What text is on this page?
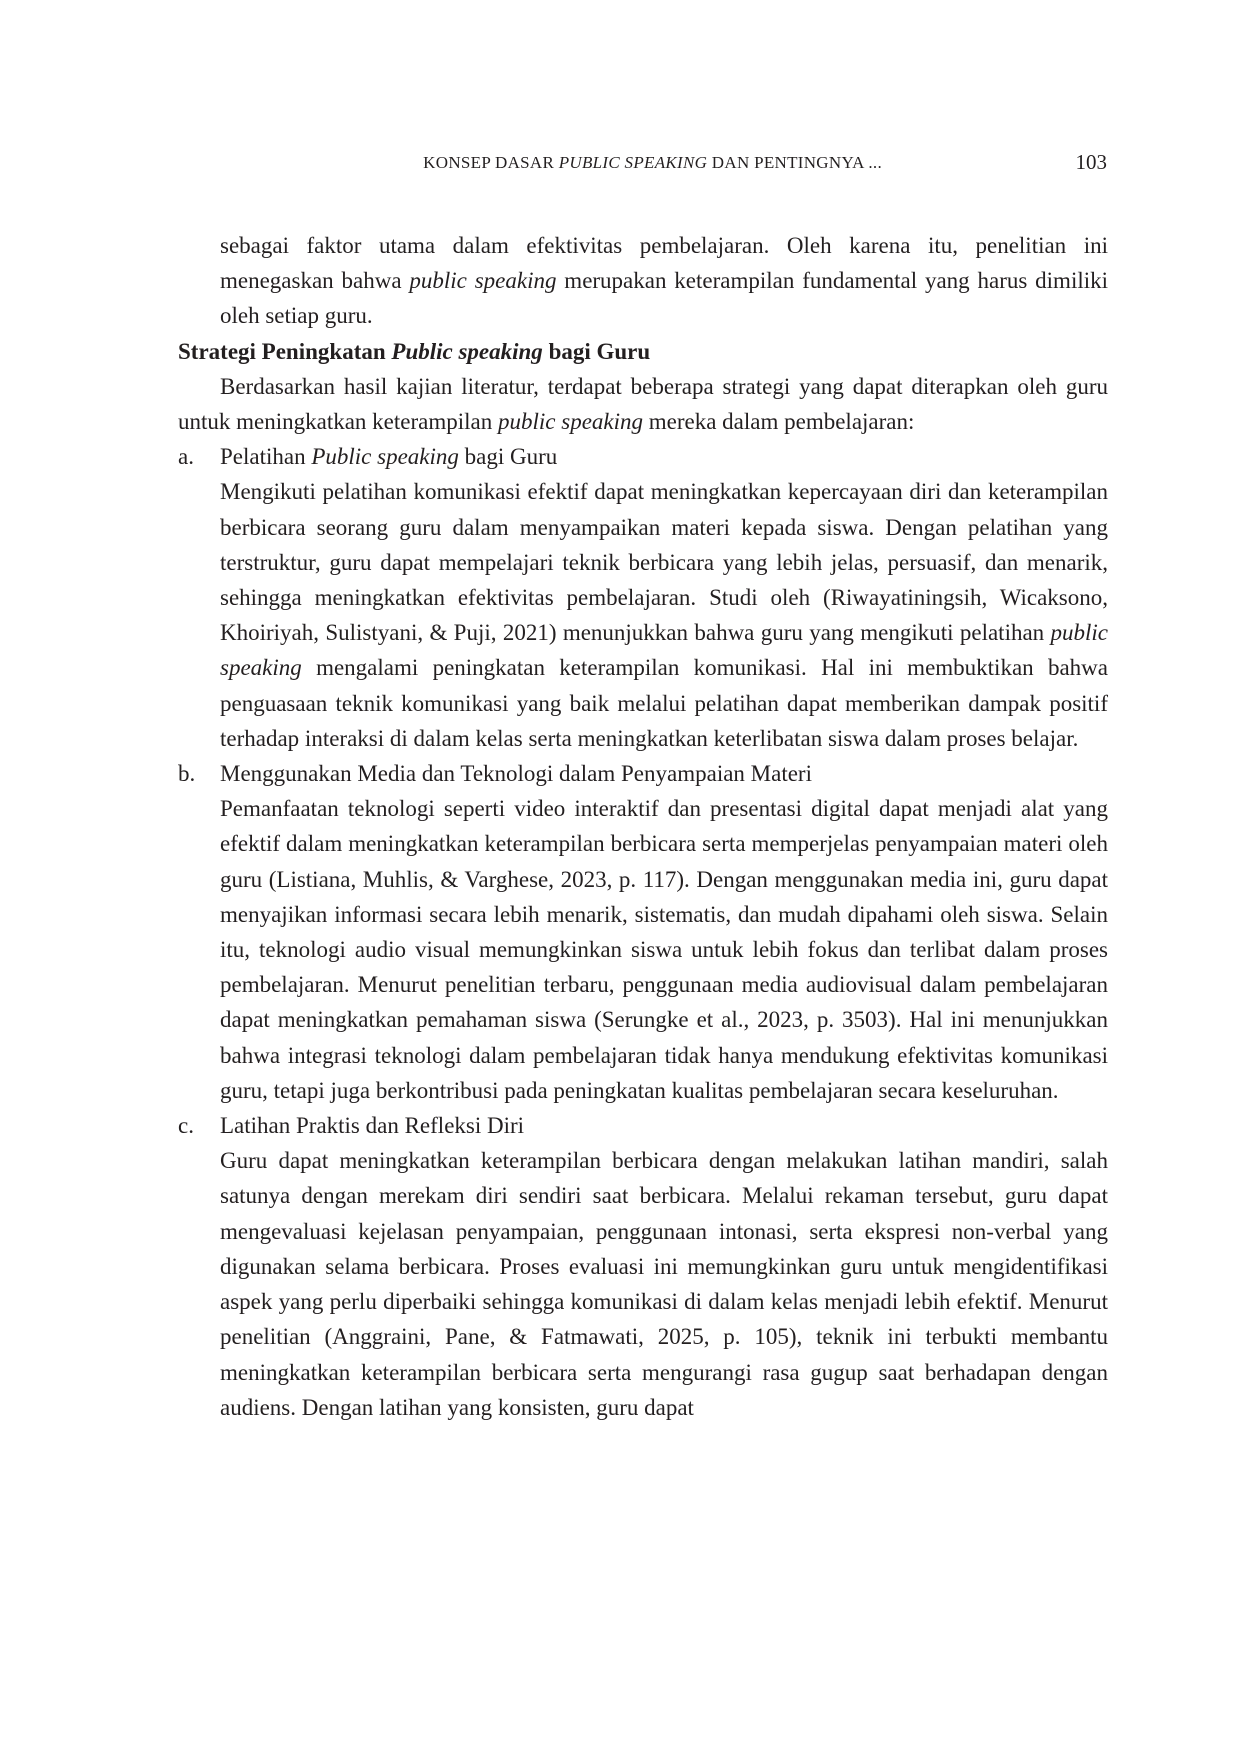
KONSEP DASAR PUBLIC SPEAKING DAN PENTINGNYA ...	103

sebagai faktor utama dalam efektivitas pembelajaran. Oleh karena itu, penelitian ini menegaskan bahwa public speaking merupakan keterampilan fundamental yang harus dimiliki oleh setiap guru.

Strategi Peningkatan Public speaking bagi Guru

Berdasarkan hasil kajian literatur, terdapat beberapa strategi yang dapat diterapkan oleh guru untuk meningkatkan keterampilan public speaking mereka dalam pembelajaran:

a. Pelatihan Public speaking bagi Guru

Mengikuti pelatihan komunikasi efektif dapat meningkatkan kepercayaan diri dan keterampilan berbicara seorang guru dalam menyampaikan materi kepada siswa. Dengan pelatihan yang terstruktur, guru dapat mempelajari teknik berbicara yang lebih jelas, persuasif, dan menarik, sehingga meningkatkan efektivitas pembelajaran. Studi oleh (Riwayatiningsih, Wicaksono, Khoiriyah, Sulistyani, & Puji, 2021) menunjukkan bahwa guru yang mengikuti pelatihan public speaking mengalami peningkatan keterampilan komunikasi. Hal ini membuktikan bahwa penguasaan teknik komunikasi yang baik melalui pelatihan dapat memberikan dampak positif terhadap interaksi di dalam kelas serta meningkatkan keterlibatan siswa dalam proses belajar.

b. Menggunakan Media dan Teknologi dalam Penyampaian Materi

Pemanfaatan teknologi seperti video interaktif dan presentasi digital dapat menjadi alat yang efektif dalam meningkatkan keterampilan berbicara serta memperjelas penyampaian materi oleh guru (Listiana, Muhlis, & Varghese, 2023, p. 117). Dengan menggunakan media ini, guru dapat menyajikan informasi secara lebih menarik, sistematis, dan mudah dipahami oleh siswa. Selain itu, teknologi audio visual memungkinkan siswa untuk lebih fokus dan terlibat dalam proses pembelajaran. Menurut penelitian terbaru, penggunaan media audiovisual dalam pembelajaran dapat meningkatkan pemahaman siswa (Serungke et al., 2023, p. 3503). Hal ini menunjukkan bahwa integrasi teknologi dalam pembelajaran tidak hanya mendukung efektivitas komunikasi guru, tetapi juga berkontribusi pada peningkatan kualitas pembelajaran secara keseluruhan.

c. Latihan Praktis dan Refleksi Diri

Guru dapat meningkatkan keterampilan berbicara dengan melakukan latihan mandiri, salah satunya dengan merekam diri sendiri saat berbicara. Melalui rekaman tersebut, guru dapat mengevaluasi kejelasan penyampaian, penggunaan intonasi, serta ekspresi non-verbal yang digunakan selama berbicara. Proses evaluasi ini memungkinkan guru untuk mengidentifikasi aspek yang perlu diperbaiki sehingga komunikasi di dalam kelas menjadi lebih efektif. Menurut penelitian (Anggraini, Pane, & Fatmawati, 2025, p. 105), teknik ini terbukti membantu meningkatkan keterampilan berbicara serta mengurangi rasa gugup saat berhadapan dengan audiens. Dengan latihan yang konsisten, guru dapat
